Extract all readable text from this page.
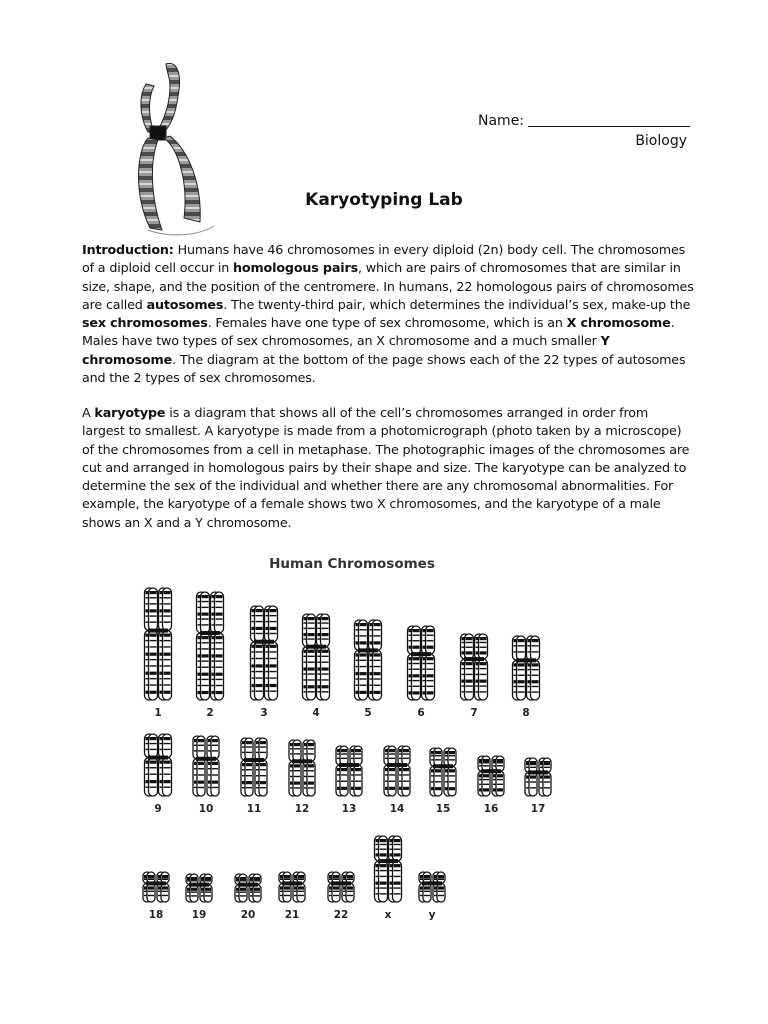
Name:
Biology
Karyotyping Lab

Introduction: Humans have 46 chromosomes in every diploid (2n) body cell. The chromosomes of a diploid cell occur in homologous pairs, which are pairs of chromosomes that are similar in size, shape, and the position of the centromere. In humans, 22 homologous pairs of chromosomes are called autosomes. The twenty-third pair, which determines the individual’s sex, make-up the sex chromosomes. Females have one type of sex chromosome, which is an X chromosome. Males have two types of sex chromosomes, an X chromosome and a much smaller Y chromosome. The diagram at the bottom of the page shows each of the 22 types of autosomes and the 2 types of sex chromosomes.

A karyotype is a diagram that shows all of the cell’s chromosomes arranged in order from largest to smallest. A karyotype is made from a photomicrograph (photo taken by a microscope) of the chromosomes from a cell in metaphase. The photographic images of the chromosomes are cut and arranged in homologous pairs by their shape and size. The karyotype can be analyzed to determine the sex of the individual and whether there are any chromosomal abnormalities. For example, the karyotype of a female shows two X chromosomes, and the karyotype of a male shows an X and a Y chromosome.

1	2	3	4	5	6	7	8
9	10	11	12	13	14	15	16	17
18	19	20	21	22	x	y
Human Chromosomes
